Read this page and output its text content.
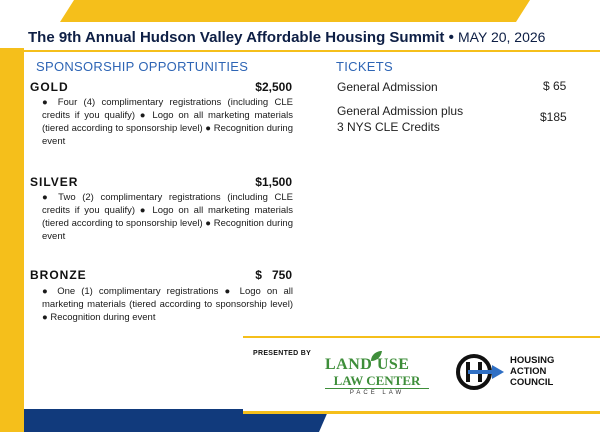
The 9th Annual Hudson Valley Affordable Housing Summit • MAY 20, 2026
SPONSORSHIP OPPORTUNITIES
GOLD	$2,500
● Four (4) complimentary registrations (including CLE credits if you qualify) ● Logo on all marketing materials (tiered according to sponsorship level) ● Recognition during event
SILVER	$1,500
● Two (2) complimentary registrations (including CLE credits if you qualify) ● Logo on all marketing materials (tiered according to sponsorship level) ● Recognition during event
BRONZE	$   750
● One (1) complimentary registrations ● Logo on all marketing materials (tiered according to sponsorship level) ● Recognition during event
TICKETS
General Admission	$ 65
General Admission plus
3 NYS CLE Credits
$185
PRESENTED BY
LAND USE
LAW CENTER
PACE LAW
HOUSING
ACTION
COUNCIL
